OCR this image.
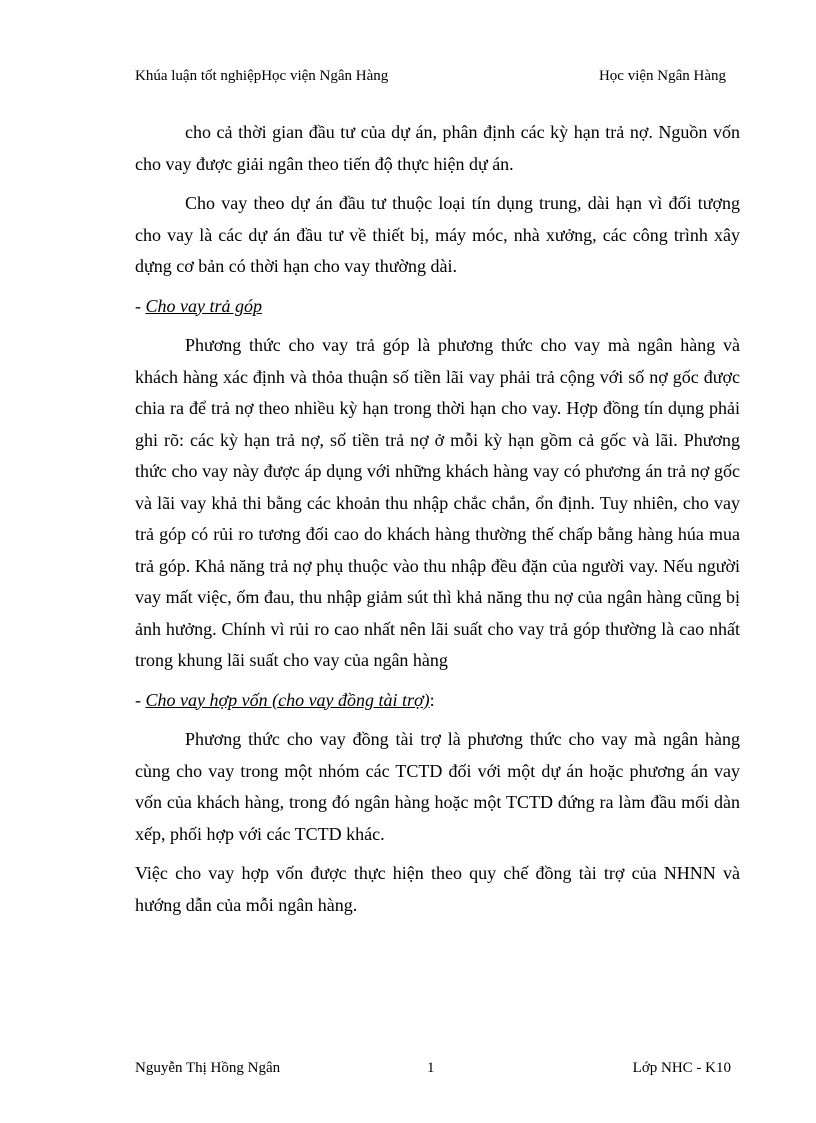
Khúa luận tốt nghiệpHọc viện Ngân Hàng	Học viện Ngân Hàng

cho cả thời gian đầu tư của dự án, phân định các kỳ hạn trả nợ. Nguồn vốn cho vay được giải ngân theo tiến độ thực hiện dự án.

Cho vay theo dự án đầu tư thuộc loại tín dụng trung, dài hạn vì đối tượng cho vay là các dự án đầu tư về thiết bị, máy móc, nhà xưởng, các công trình xây dựng cơ bản có thời hạn cho vay thường dài.

- Cho vay trả góp

Phương thức cho vay trả góp là phương thức cho vay mà ngân hàng và khách hàng xác định và thỏa thuận số tiền lãi vay phải trả cộng với số nợ gốc được chia ra để trả nợ theo nhiều kỳ hạn trong thời hạn cho vay. Hợp đồng tín dụng phải ghi rõ: các kỳ hạn trả nợ, số tiền trả nợ ở mỗi kỳ hạn gồm cả gốc và lãi. Phương thức cho vay này được áp dụng với những khách hàng vay có phương án trả nợ gốc và lãi vay khả thi bằng các khoản thu nhập chắc chắn, ổn định. Tuy nhiên, cho vay trả góp có rủi ro tương đối cao do khách hàng thường thế chấp bằng hàng húa mua trả góp. Khả năng trả nợ phụ thuộc vào thu nhập đều đặn của người vay. Nếu người vay mất việc, ốm đau, thu nhập giảm sút thì khả năng thu nợ của ngân hàng cũng bị ảnh hưởng. Chính vì rủi ro cao nhất nên lãi suất cho vay trả góp thường là cao nhất trong khung lãi suất cho vay của ngân hàng

- Cho vay hợp vốn (cho vay đồng tài trợ):

Phương thức cho vay đồng tài trợ là phương thức cho vay mà ngân hàng cùng cho vay trong một nhóm các TCTD đối với một dự án hoặc phương án vay vốn của khách hàng, trong đó ngân hàng hoặc một TCTD đứng ra làm đầu mối dàn xếp, phối hợp với các TCTD khác.

Việc cho vay hợp vốn được thực hiện theo quy chế đồng tài trợ của NHNN và hướng dẫn của mỗi ngân hàng.

Nguyễn Thị Hồng Ngân	1	Lớp NHC - K10
